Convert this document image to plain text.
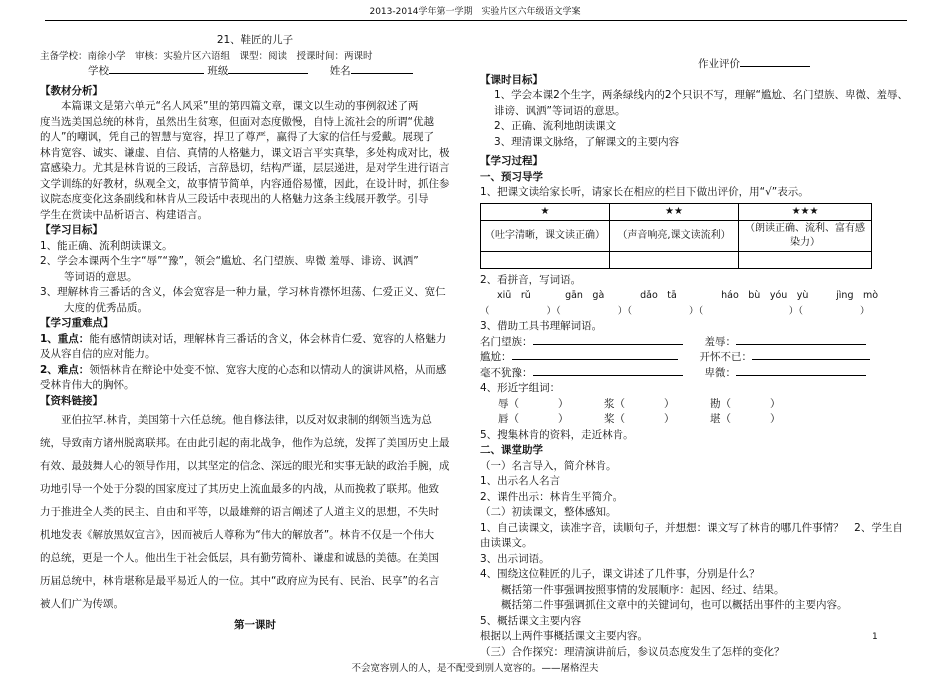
2013-2014学年第一学期　实验片区六年级语文学案
21、鞋匠的儿子
主备学校：南徐小学　审核：实验片区六语组　课型：阅读　授课时间：两课时
学校	班级	姓名
【教材分析】
本篇课文是第六单元“名人风采”里的第四篇文章，课文以生动的事例叙述了两
度当选美国总统的林肯，虽然出生贫寒，但面对态度傲慢，自恃上流社会的所谓“优越
的人”的嘲讽，凭自己的智慧与宽容，捍卫了尊严，赢得了大家的信任与爱戴。展现了
林肯宽容、诚实、谦虚、自信、真情的人格魅力，课文语言平实真挚，多处构成对比，极
富感染力。尤其是林肯说的三段话，言辞恳切，结构严谨，层层递进，是对学生进行语言
文学训练的好教材，纵观全文，故事情节简单，内容通俗易懂，因此，在设计时，抓住参
议院态度变化这条副线和林肯从三段话中表现出的人格魅力这条主线展开教学。引导
学生在赏读中品析语言、构建语言。
【学习目标】
1、能正确、流利朗读课文。
2、学会本课两个生字“辱”“豫”，领会“尴尬、名门望族、卑微 羞辱、诽谤、讽洒”
等词语的意思。
3、理解林肯三番话的含义，体会宽容是一种力量，学习林肯襟怀坦荡、仁爱正义、宽仁
大度的优秀品质。
【学习重难点】
1、重点：能有感情朗读对话，理解林肯三番话的含义，体会林肯仁爱、宽容的人格魅力
及从容自信的应对能力。
2、难点：领悟林肯在辩论中处变不惊、宽容大度的心态和以情动人的演讲风格，从而感
受林肯伟大的胸怀。
【资料链接】
亚伯拉罕.林肯，美国第十六任总统。他自修法律，以反对奴隶制的纲领当选为总
统，导致南方诸州脱离联邦。在由此引起的南北战争，他作为总统，发挥了美国历史上最
有效、最鼓舞人心的领导作用，以其坚定的信念、深远的眼光和实事无缺的政治手腕，成
功地引导一个处于分裂的国家度过了其历史上流血最多的内战，从而挽救了联邦。他致
力于推进全人类的民主、自由和平等，以最雄辩的语言阐述了人道主义的思想，不失时
机地发表《解放黑奴宣言》，因而被后人尊称为“伟大的解放者”。林肯不仅是一个伟大
的总统，更是一个人。他出生于社会低层，具有勤劳简朴、谦虚和诚恳的美德。在美国
历届总统中，林肯堪称是最平易近人的一位。其中“政府应为民有、民治、民享”的名言
被人们广为传颂。
第一课时
作业评价
【课时目标】
1、学会本课2个生字，两条绿线内的2个只识不写，理解“尴尬、名门望族、卑微、羞辱、
诽谤、讽洒”等词语的意思。
2、正确、流利地朗读课文
3、理清课文脉络，了解课文的主要内容
【学习过程】
一、预习导学
1、把课文读给家长听，请家长在相应的栏目下做出评价，用“√”表示。
★	★★	★★★
（吐字清晰，课文读正确）	（声音响亮,课文读流利）	（朗读正确、流利、富有感染力）

2、看拼音，写词语。
xiū　rǔ	gān　gà	dǎo　tā	háo　bù　yóu　yù	jìng　mò
（　　　　　　）（　　　　　　）（　　　　　　）（　　　　　　　　　）（　　　　　　）
3、借助工具书理解词语。
名门望族：	羞辱：
尴尬：	开怀不已：
毫不犹豫：	卑微：
4、形近字组词：
辱（	）	浆（	）	勘（	）
唇（	）	桨（	）	堪（	）
5、搜集林肯的资料，走近林肯。
二、课堂助学
（一）名言导入，简介林肯。
1、出示名人名言
2、课件出示：林肯生平简介。
（二）初读课文，整体感知。
1、自己读课文，读准字音，读顺句子，并想想：课文写了林肯的哪几件事情？　2、学生自
由读课文。
3、出示词语。
4、围绕这位鞋匠的儿子，课文讲述了几件事，分别是什么？
　　概括第一件事强调按照事情的发展顺序：起因、经过、结果。
　　概括第二件事强调抓住文章中的关键词句，也可以概括出事件的主要内容。
5、概括课文主要内容
根据以上两件事概括课文主要内容。
（三）合作探究：理清演讲前后，参议员态度发生了怎样的变化？
1
不会宽容别人的人，是不配受到别人宽容的。——屠格涅夫
